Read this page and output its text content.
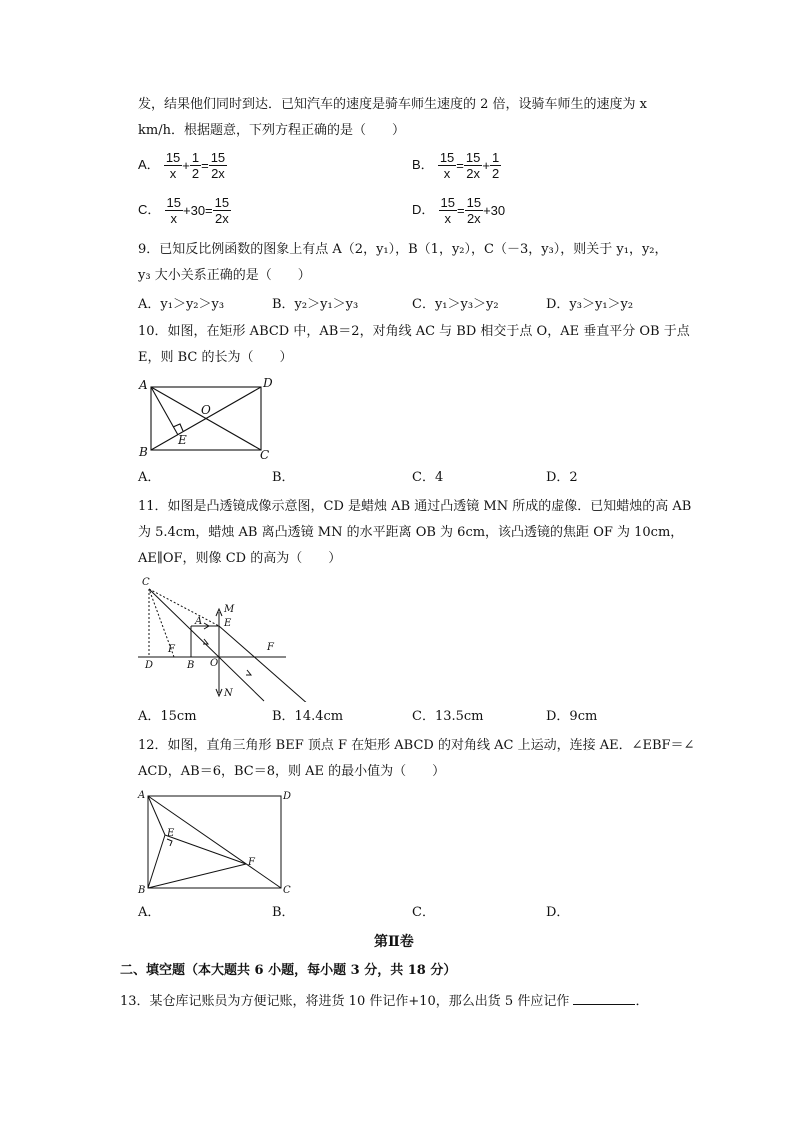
发，结果他们同时到达．已知汽车的速度是骑车师生速度的 2 倍，设骑车师生的速度为 x
km/h．根据题意，下列方程正确的是（　　）
A． $\frac{15}{x} + \frac{1}{2} = \frac{15}{2x}$	B． $\frac{15}{x} = \frac{15}{2x} + \frac{1}{2}$
C． $\frac{15}{x} +30= \frac{15}{2x}$	D． $\frac{15}{x} = \frac{15}{2x} +30$
9．已知反比例函数的图象上有点 A（2，y₁），B（1，y₂），C（－3，y₃），则关于 y₁，y₂，
y₃ 大小关系正确的是（　　）
A．y₁＞y₂＞y₃	B．y₂＞y₁＞y₃	C．y₁＞y₃＞y₂	D．y₃＞y₁＞y₂
10．如图，在矩形 ABCD 中，AB＝2，对角线 AC 与 BD 相交于点 O，AE 垂直平分 OB 于点
E，则 BC 的长为（　　）
A	D
B	C
O
E
A．	B．	C．4	D．2
11．如图是凸透镜成像示意图，CD 是蜡烛 AB 通过凸透镜 MN 所成的虚像．已知蜡烛的高 AB
为 5.4cm，蜡烛 AB 离凸透镜 MN 的水平距离 OB 为 6cm，该凸透镜的焦距 OF 为 10cm，
AE∥OF，则像 CD 的高为（　　）
C
M
A E
F	F
D	B O
N
A．15cm	B．14.4cm	C．13.5cm	D．9cm
12．如图，直角三角形 BEF 顶点 F 在矩形 ABCD 的对角线 AC 上运动，连接 AE．∠EBF＝∠
ACD，AB＝6，BC＝8，则 AE 的最小值为（　　）
A	D
E
F
B	C
A．	B．	C．	D．
第Ⅱ卷
二、填空题（本大题共 6 小题，每小题 3 分，共 18 分）
13．某仓库记账员为方便记账，将进货 10 件记作+10，那么出货 5 件应记作	．
